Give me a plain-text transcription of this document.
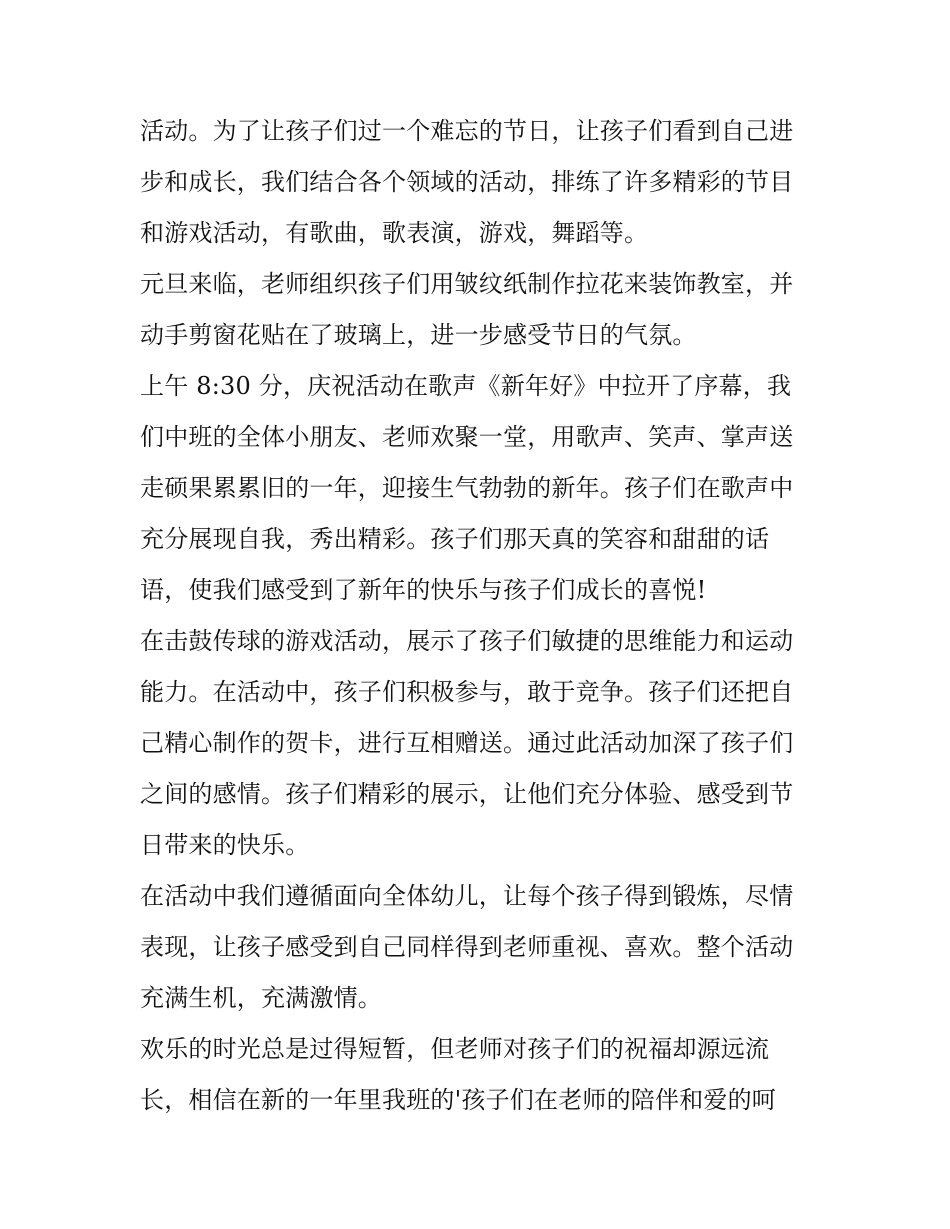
活动。为了让孩子们过一个难忘的节日，让孩子们看到自己进
步和成长，我们结合各个领域的活动，排练了许多精彩的节目
和游戏活动，有歌曲，歌表演，游戏，舞蹈等。
元旦来临，老师组织孩子们用皱纹纸制作拉花来装饰教室，并
动手剪窗花贴在了玻璃上，进一步感受节日的气氛。
上午 8:30 分，庆祝活动在歌声《新年好》中拉开了序幕，我
们中班的全体小朋友、老师欢聚一堂，用歌声、笑声、掌声送
走硕果累累旧的一年，迎接生气勃勃的新年。孩子们在歌声中
充分展现自我，秀出精彩。孩子们那天真的笑容和甜甜的话
语，使我们感受到了新年的快乐与孩子们成长的喜悦!
在击鼓传球的游戏活动，展示了孩子们敏捷的思维能力和运动
能力。在活动中，孩子们积极参与，敢于竞争。孩子们还把自
己精心制作的贺卡，进行互相赠送。通过此活动加深了孩子们
之间的感情。孩子们精彩的展示，让他们充分体验、感受到节
日带来的快乐。
在活动中我们遵循面向全体幼儿，让每个孩子得到锻炼，尽情
表现，让孩子感受到自己同样得到老师重视、喜欢。整个活动
充满生机，充满激情。
欢乐的时光总是过得短暂，但老师对孩子们的祝福却源远流
长，相信在新的一年里我班的'孩子们在老师的陪伴和爱的呵
